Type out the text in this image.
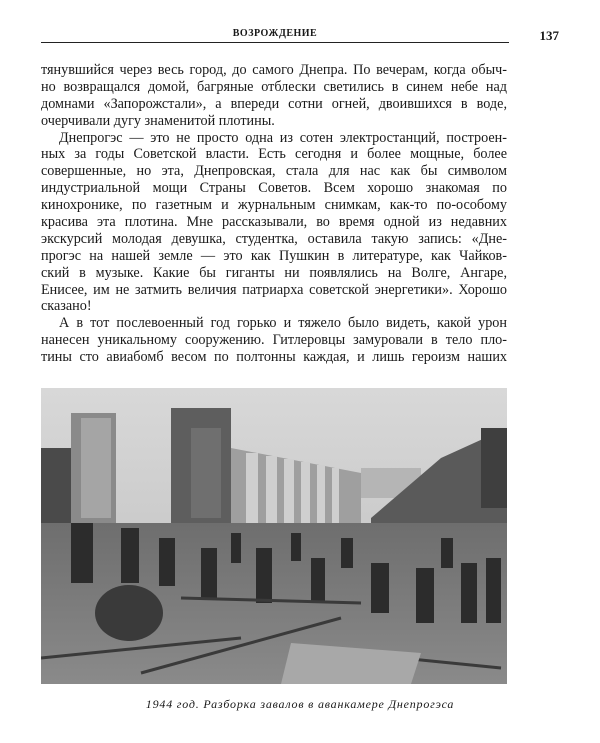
ВОЗРОЖДЕНИЕ	137
тянувшийся через весь город, до самого Днепра. По вечерам, когда обыч-
но возвращался домой, багряные отблески светились в синем небе над
домнами «Запорожстали», а впереди сотни огней, двоившихся в воде,
очерчивали дугу знаменитой плотины.
Днепрогэс — это не просто одна из сотен электростанций, построен-
ных за годы Советской власти. Есть сегодня и более мощные, более
совершенные, но эта, Днепровская, стала для нас как бы символом
индустриальной мощи Страны Советов. Всем хорошо знакомая по
кинохронике, по газетным и журнальным снимкам, как-то по-особому
красива эта плотина. Мне рассказывали, во время одной из недавних
экскурсий молодая девушка, студентка, оставила такую запись: «Дне-
прогэс на нашей земле — это как Пушкин в литературе, как Чайков-
ский в музыке. Какие бы гиганты ни появлялись на Волге, Ангаре,
Енисее, им не затмить величия патриарха советской энергетики». Хорошо
сказано!
А в тот послевоенный год горько и тяжело было видеть, какой урон
нанесен уникальному сооружению. Гитлеровцы замуровали в тело пло-
тины сто авиабомб весом по полтонны каждая, и лишь героизм наших
1944 год. Разборка завалов в аванкамере Днепрогэса
